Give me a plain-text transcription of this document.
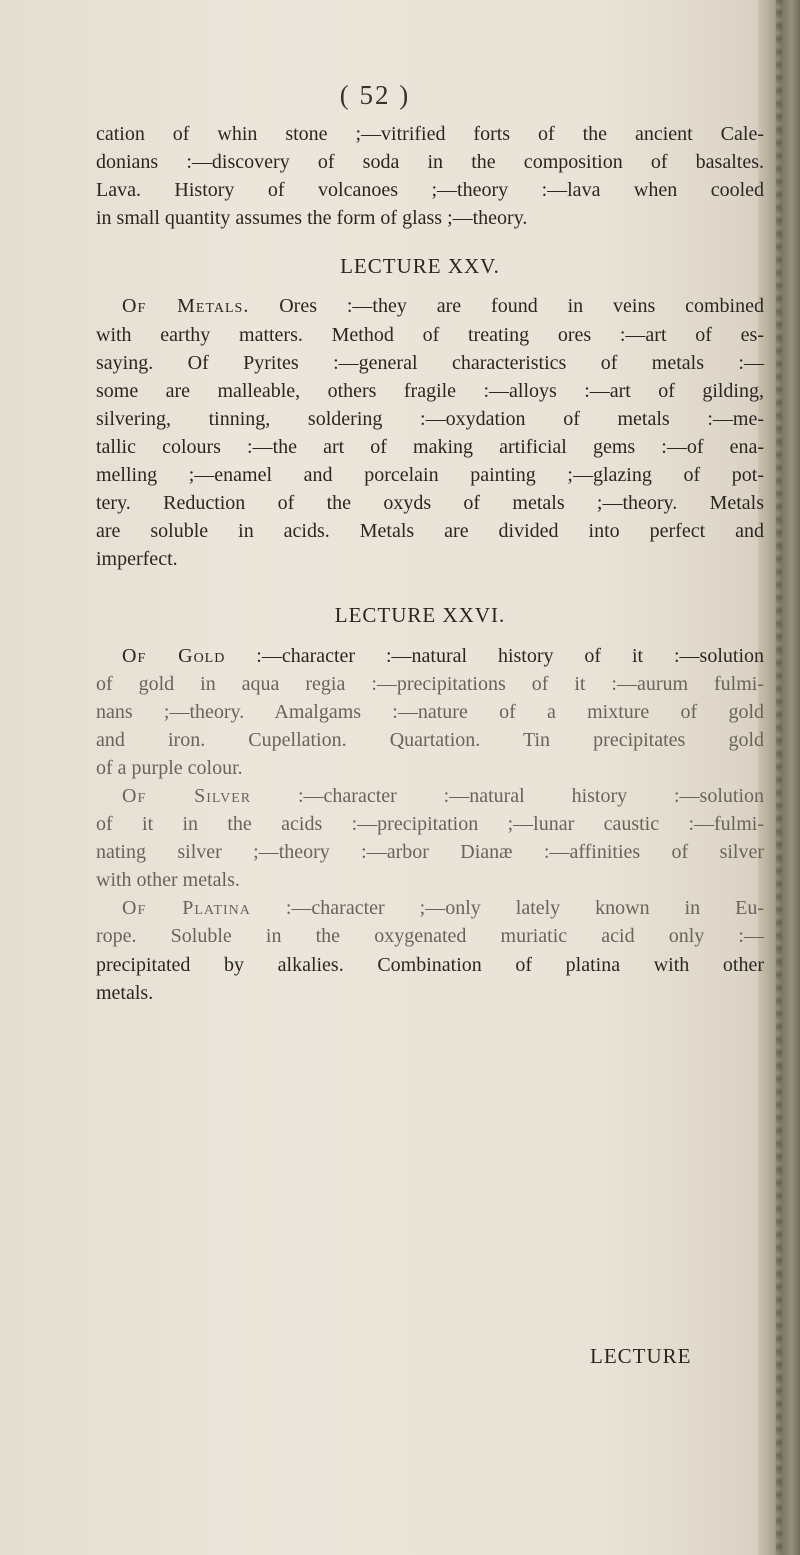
( 52 )
cation of whin stone ;—vitrified forts of the ancient Cale-
donians :—discovery of soda in the composition of basaltes.
Lava. History of volcanoes ;—theory :—lava when cooled
in small quantity assumes the form of glass ;—theory.
LECTURE XXV.
Of Metals. Ores :—they are found in veins combined
with earthy matters. Method of treating ores :—art of es-
saying. Of Pyrites :—general characteristics of metals :—
some are malleable, others fragile :—alloys :—art of gilding,
silvering, tinning, soldering :—oxydation of metals :—me-
tallic colours :—the art of making artificial gems :—of ena-
melling ;—enamel and porcelain painting ;—glazing of pot-
tery. Reduction of the oxyds of metals ;—theory. Metals
are soluble in acids. Metals are divided into perfect and
imperfect.
LECTURE XXVI.
Of Gold :—character :—natural history of it :—solution
of gold in aqua regia :—precipitations of it :—aurum fulmi-
nans ;—theory. Amalgams :—nature of a mixture of gold
and iron. Cupellation. Quartation. Tin precipitates gold
of a purple colour.
Of Silver :—character :—natural history :—solution
of it in the acids :—precipitation ;—lunar caustic :—fulmi-
nating silver ;—theory :—arbor Dianæ :—affinities of silver
with other metals.
Of Platina :—character ;—only lately known in Eu-
rope. Soluble in the oxygenated muriatic acid only :—
precipitated by alkalies. Combination of platina with other
metals.
LECTURE
